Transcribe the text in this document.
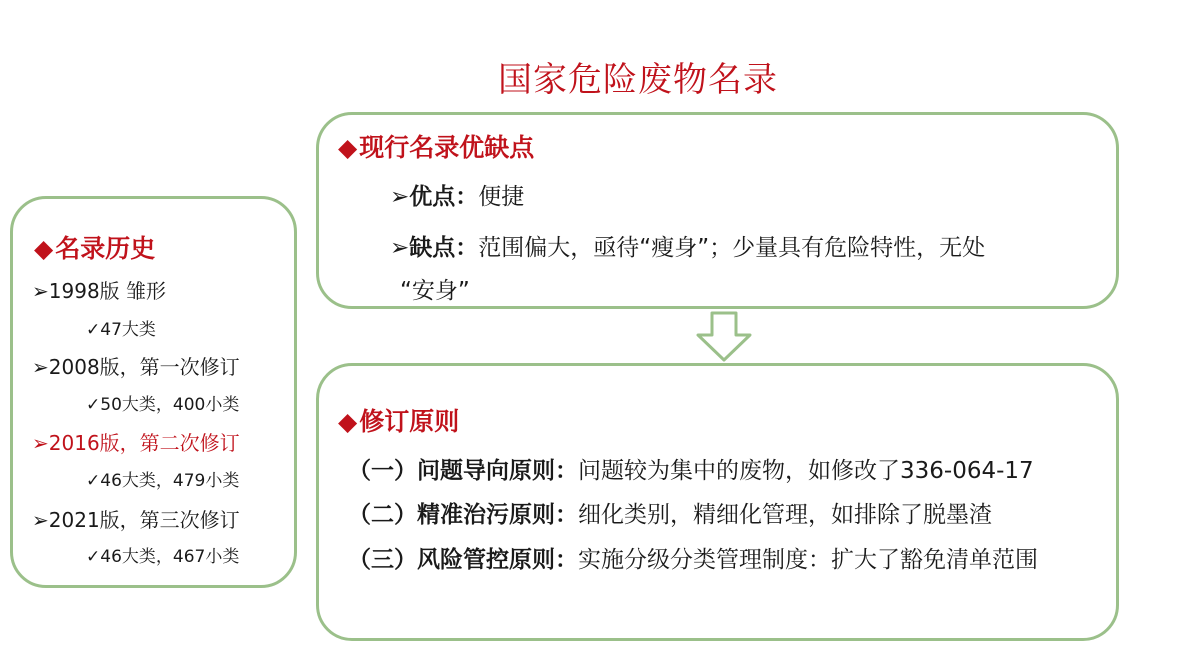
国家危险废物名录
◆名录历史
➢1998版 雏形
✓47大类
➢2008版，第一次修订
✓50大类，400小类
➢2016版，第二次修订
✓46大类，479小类
➢2021版，第三次修订
✓46大类，467小类
◆现行名录优缺点
➢优点：便捷
➢缺点：范围偏大，亟待“瘦身”；少量具有危险特性，无处
“安身”
◆修订原则
（一）问题导向原则：问题较为集中的废物，如修改了336-064-17
（二）精准治污原则：细化类别，精细化管理，如排除了脱墨渣
（三）风险管控原则：实施分级分类管理制度：扩大了豁免清单范围
